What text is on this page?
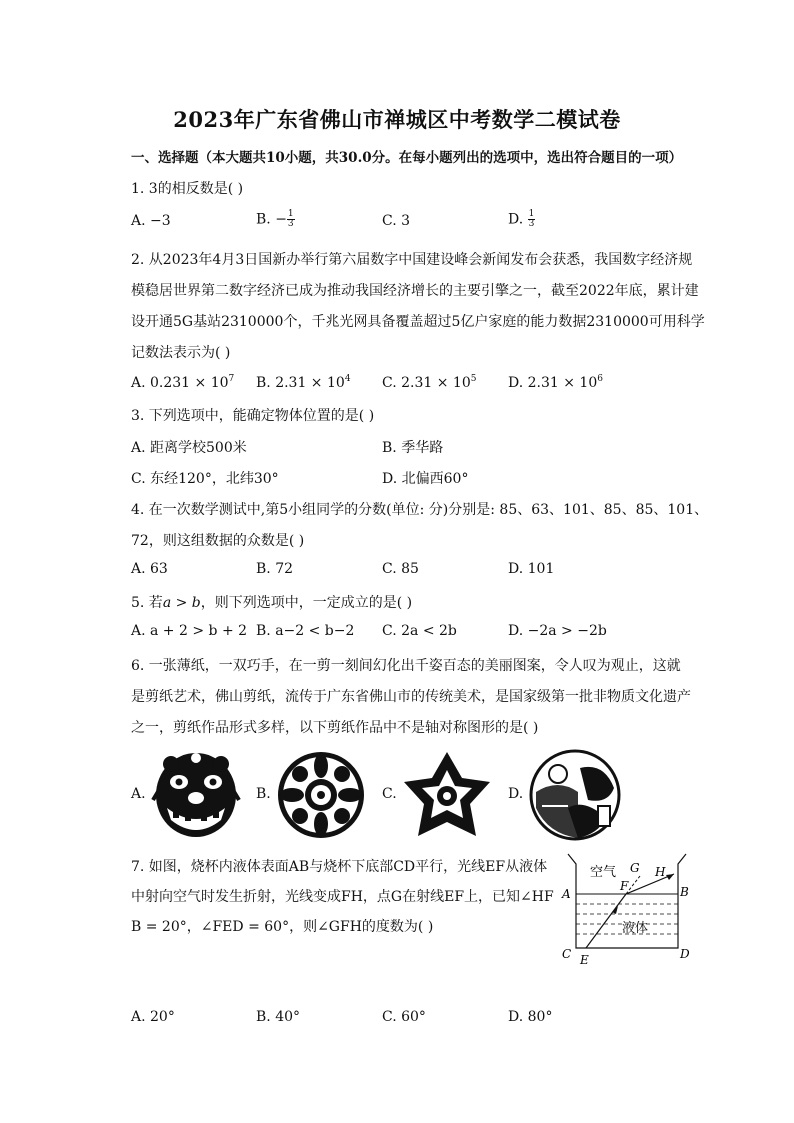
2023年广东省佛山市禅城区中考数学二模试卷
一、选择题（本大题共10小题，共30.0分。在每小题列出的选项中，选出符合题目的一项）
1. 3的相反数是( )
A. −3	B. − $\frac{1}{3}$	C. 3	D. $\frac{1}{3}$
2. 从2023年4月3日国新办举行第六届数字中国建设峰会新闻发布会获悉，我国数字经济规
模稳居世界第二数字经济已成为推动我国经济增长的主要引擎之一，截至2022年底，累计建
设开通5G基站2310000个，千兆光网具备覆盖超过5亿户家庭的能力数据2310000可用科学
记数法表示为( )
A. $0.231 \times 10^7$ B. $2.31 \times 10^4$ C. $2.31 \times 10^5$ D. $2.31 \times 10^6$
3. 下列选项中，能确定物体位置的是( )
A. 距离学校500米	B. 季华路
C. 东经120°，北纬30°	D. 北偏西60°
4. 在一次数学测试中,第5小组同学的分数(单位: 分)分别是: 85、63、101、85、85、101、
72，则这组数据的众数是( )
A. 63	B. 72	C. 85	D. 101
5. 若a > b，则下列选项中，一定成立的是( )
A. a + 2 > b + 2 B. a−2 < b−2 C. 2a < 2b	D. −2a > −2b
6. 一张薄纸，一双巧手，在一剪一刻间幻化出千姿百态的美丽图案，令人叹为观止，这就
是剪纸艺术，佛山剪纸，流传于广东省佛山市的传统美术，是国家级第一批非物质文化遗产
之一，剪纸作品形式多样，以下剪纸作品中不是轴对称图形的是( )
A.	B.	C.	D.
7. 如图，烧杯内液体表面AB与烧杯下底部CD平行，光线EF从液体
中射向空气时发生折射，光线变成FH，点G在射线EF上，已知∠HF
B = 20°，∠FED = 60°，则∠GFH的度数为( )
空气
液体
A	B
C	D
E
F
G H
A. 20°	B. 40°	C. 60°	D. 80°
